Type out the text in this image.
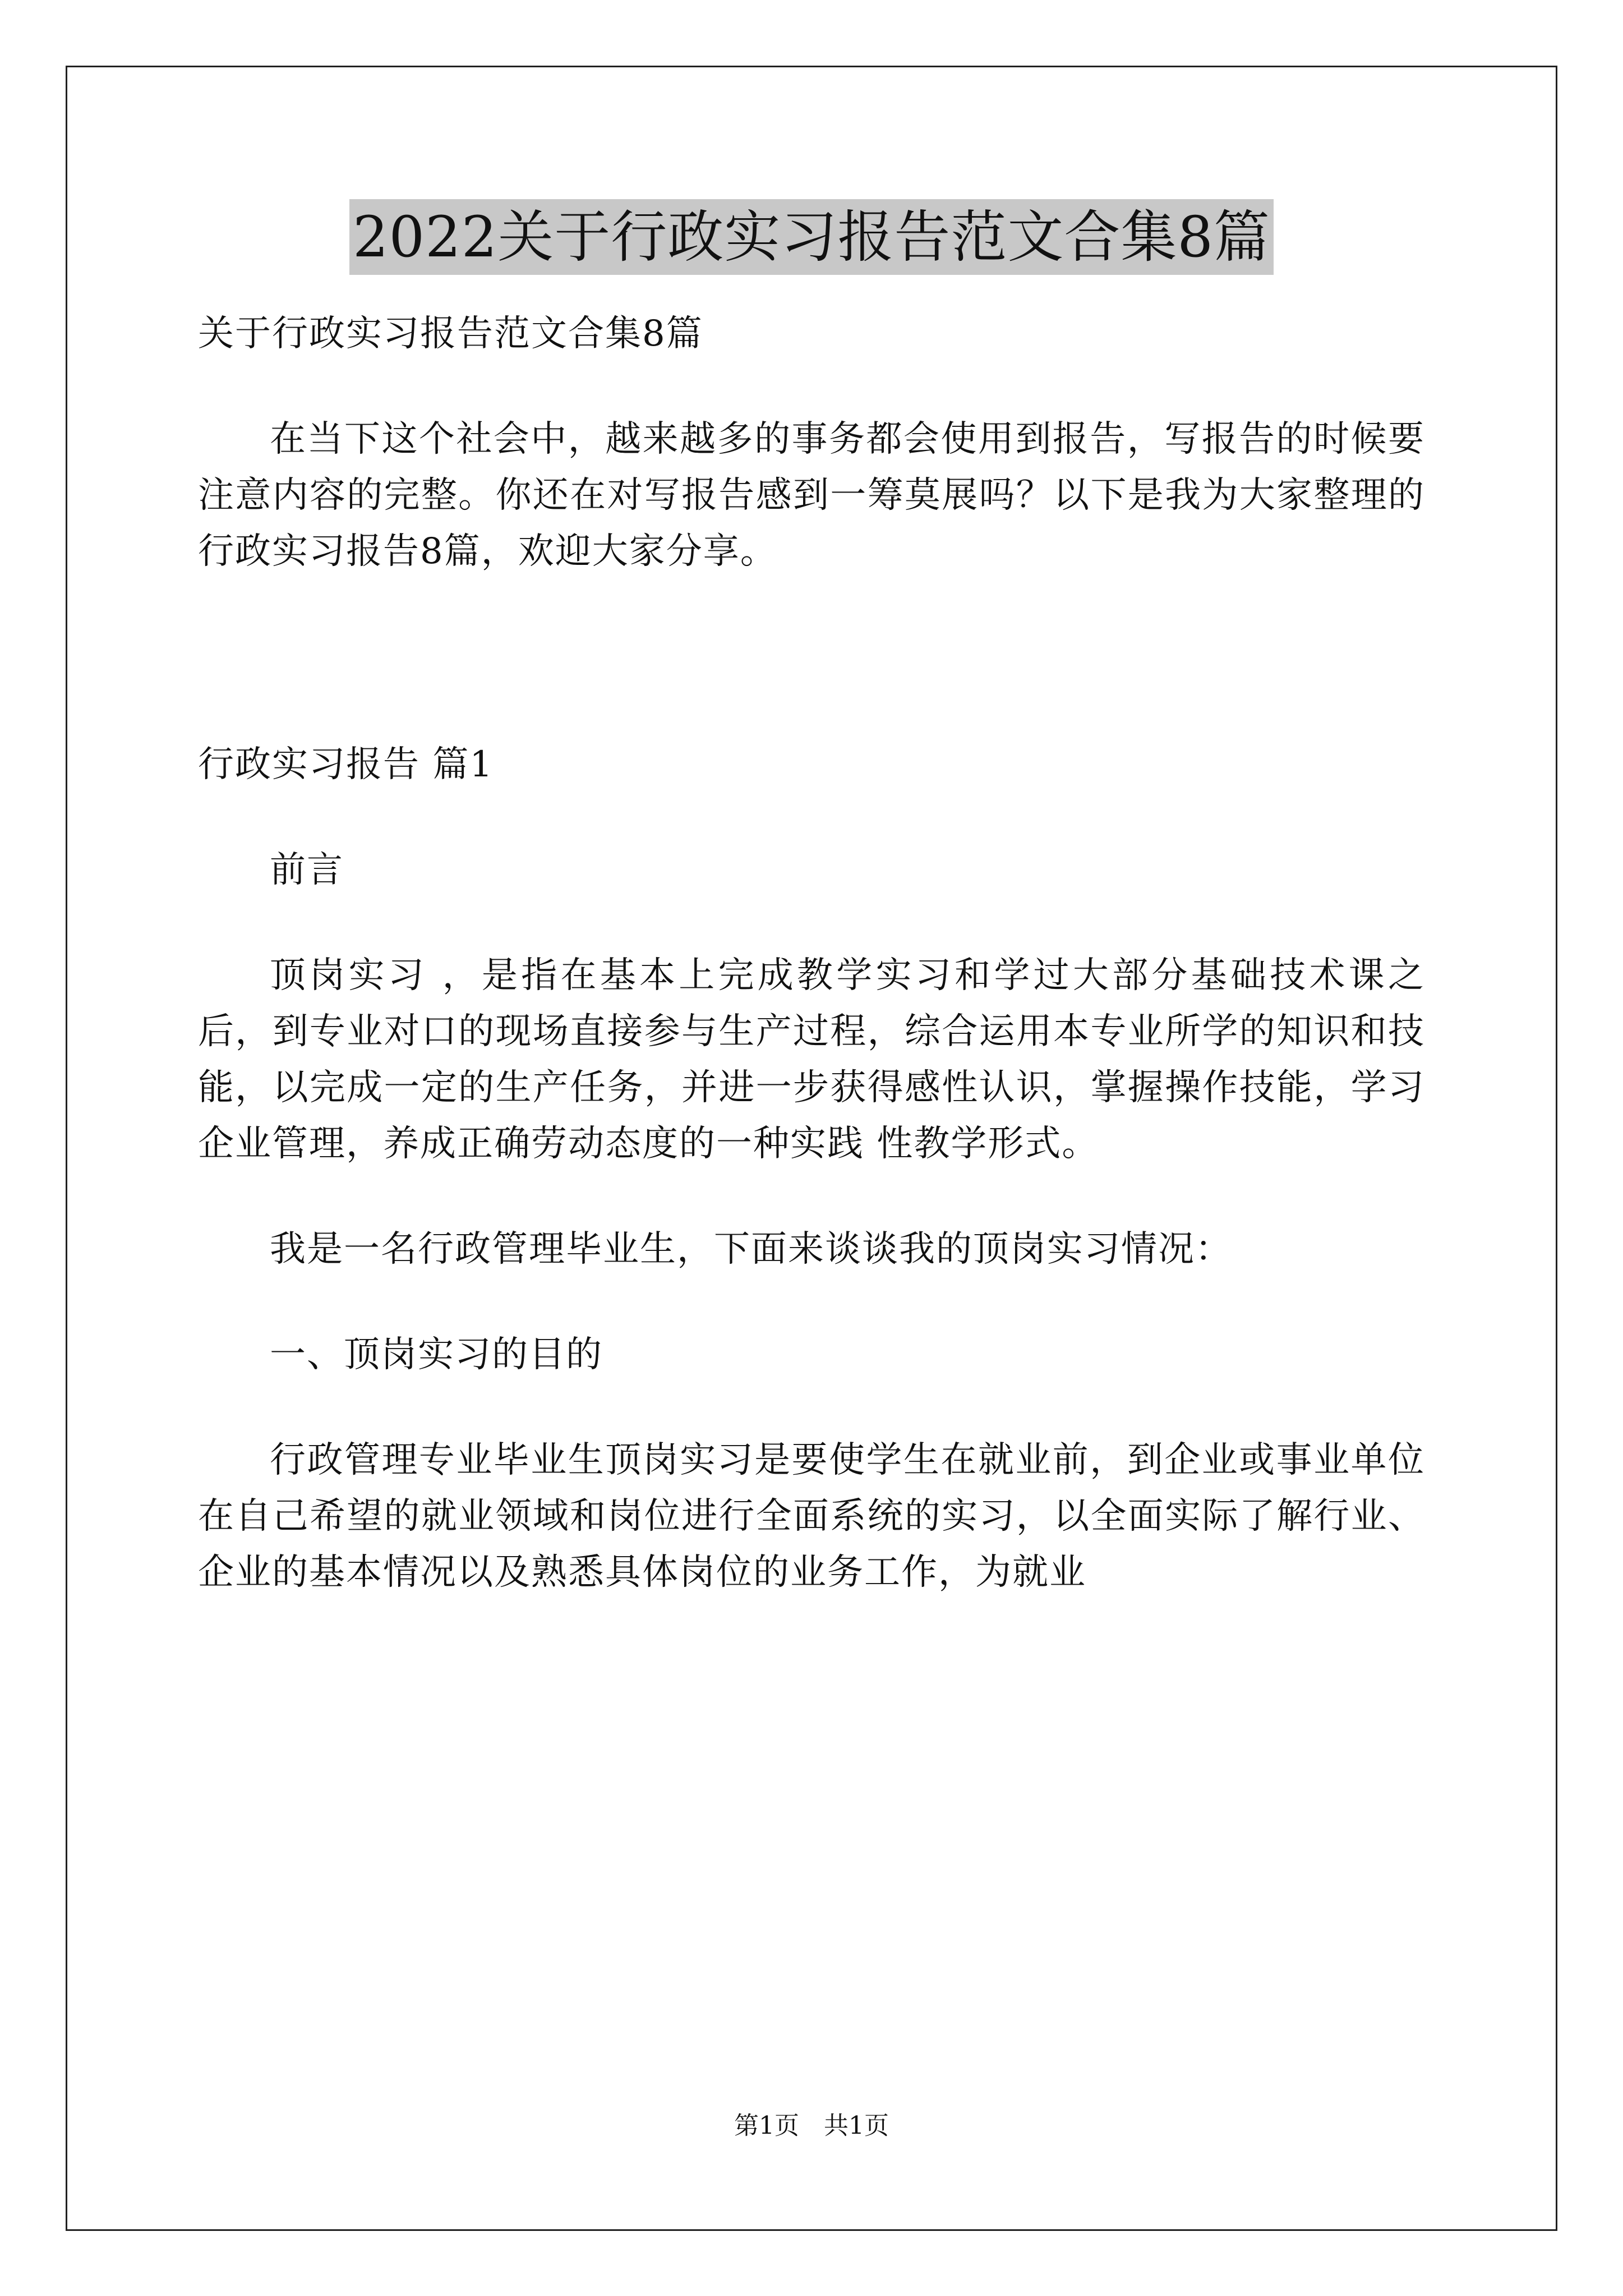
2022关于行政实习报告范文合集8篇

关于行政实习报告范文合集8篇

在当下这个社会中，越来越多的事务都会使用到报告，写报告的时候要注意内容的完整。你还在对写报告感到一筹莫展吗？以下是我为大家整理的行政实习报告8篇，欢迎大家分享。

行政实习报告 篇1

前言

顶岗实习 ，是指在基本上完成教学实习和学过大部分基础技术课之后，到专业对口的现场直接参与生产过程，综合运用本专业所学的知识和技能，以完成一定的生产任务，并进一步获得感性认识，掌握操作技能，学习企业管理，养成正确劳动态度的一种实践 性教学形式。

我是一名行政管理毕业生，下面来谈谈我的顶岗实习情况：

一、顶岗实习的目的

行政管理专业毕业生顶岗实习是要使学生在就业前，到企业或事业单位在自己希望的就业领域和岗位进行全面系统的实习，以全面实际了解行业、企业的基本情况以及熟悉具体岗位的业务工作，为就业

第1页　共1页
